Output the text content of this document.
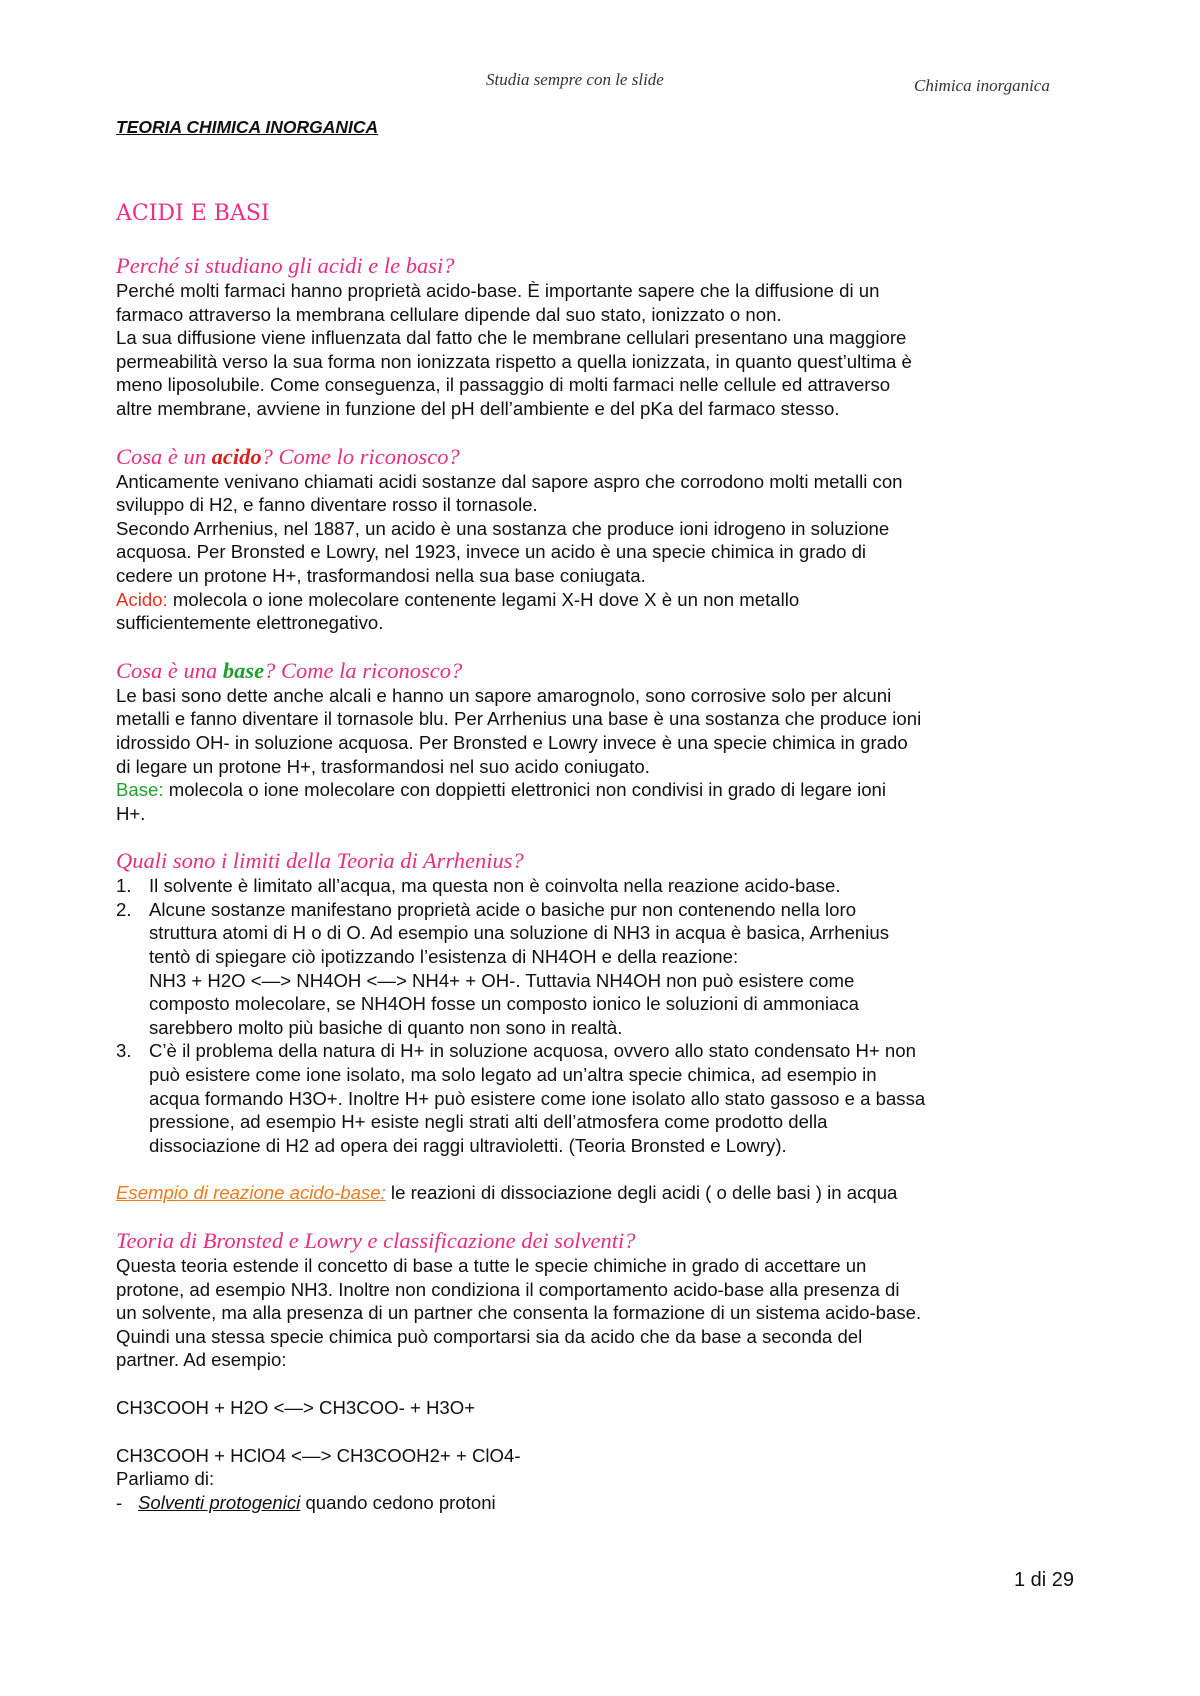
Studia sempre con le slide	Chimica inorganica

TEORIA CHIMICA INORGANICA

ACIDI E BASI

Perché si studiano gli acidi e le basi?

Perché molti farmaci hanno proprietà acido-base. È importante sapere che la diffusione di un

farmaco attraverso la membrana cellulare dipende dal suo stato, ionizzato o non.

La sua diffusione viene influenzata dal fatto che le membrane cellulari presentano una maggiore

permeabilità verso la sua forma non ionizzata rispetto a quella ionizzata, in quanto quest’ultima è

meno liposolubile. Come conseguenza, il passaggio di molti farmaci nelle cellule ed attraverso

altre membrane, avviene in funzione del pH dell’ambiente e del pKa del farmaco stesso.

Cosa è un acido? Come lo riconosco?

Anticamente venivano chiamati acidi sostanze dal sapore aspro che corrodono molti metalli con

sviluppo di H2, e fanno diventare rosso il tornasole.

Secondo Arrhenius, nel 1887, un acido è una sostanza che produce ioni idrogeno in soluzione

acquosa. Per Bronsted e Lowry, nel 1923, invece un acido è una specie chimica in grado di

cedere un protone H+, trasformandosi nella sua base coniugata.

Acido: molecola o ione molecolare contenente legami X-H dove X è un non metallo

sufficientemente elettronegativo.

Cosa è una base? Come la riconosco?

Le basi sono dette anche alcali e hanno un sapore amarognolo, sono corrosive solo per alcuni

metalli e fanno diventare il tornasole blu. Per Arrhenius una base è una sostanza che produce ioni

idrossido OH- in soluzione acquosa. Per Bronsted e Lowry invece è una specie chimica in grado

di legare un protone H+, trasformandosi nel suo acido coniugato.

Base: molecola o ione molecolare con doppietti elettronici non condivisi in grado di legare ioni

H+.

Quali sono i limiti della Teoria di Arrhenius?

1. Il solvente è limitato all’acqua, ma questa non è coinvolta nella reazione acido-base.

2. Alcune sostanze manifestano proprietà acide o basiche pur non contenendo nella loro

struttura atomi di H o di O. Ad esempio una soluzione di NH3 in acqua è basica, Arrhenius

tentò di spiegare ciò ipotizzando l’esistenza di NH4OH e della reazione:

NH3 + H2O <—> NH4OH <—> NH4+ + OH-. Tuttavia NH4OH non può esistere come

composto molecolare, se NH4OH fosse un composto ionico le soluzioni di ammoniaca

sarebbero molto più basiche di quanto non sono in realtà.

3. C’è il problema della natura di H+ in soluzione acquosa, ovvero allo stato condensato H+ non

può esistere come ione isolato, ma solo legato ad un’altra specie chimica, ad esempio in

acqua formando H3O+. Inoltre H+ può esistere come ione isolato allo stato gassoso e a bassa

pressione, ad esempio H+ esiste negli strati alti dell’atmosfera come prodotto della

dissociazione di H2 ad opera dei raggi ultravioletti. (Teoria Bronsted e Lowry).

Esempio di reazione acido-base: le reazioni di dissociazione degli acidi ( o delle basi ) in acqua

Teoria di Bronsted e Lowry e classificazione dei solventi?

Questa teoria estende il concetto di base a tutte le specie chimiche in grado di accettare un

protone, ad esempio NH3. Inoltre non condiziona il comportamento acido-base alla presenza di

un solvente, ma alla presenza di un partner che consenta la formazione di un sistema acido-base.

Quindi una stessa specie chimica può comportarsi sia da acido che da base a seconda del

partner. Ad esempio:

CH3COOH + H2O <—> CH3COO- + H3O+

CH3COOH + HClO4 <—> CH3COOH2+ + ClO4-

Parliamo di:

- Solventi protogenici quando cedono protoni

1 di 29
